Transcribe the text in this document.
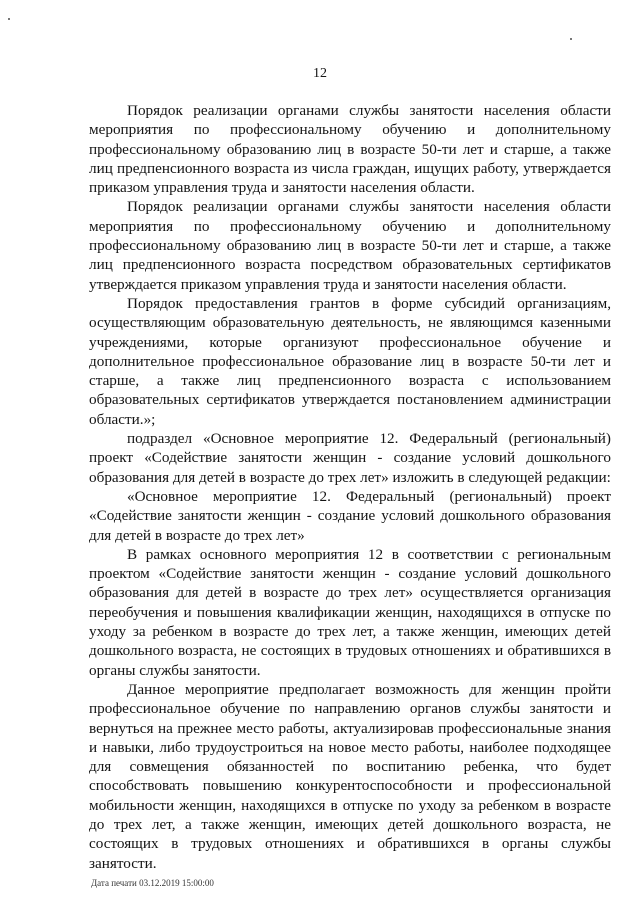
12

Порядок реализации органами службы занятости населения области мероприятия по профессиональному обучению и дополнительному профессиональному образованию лиц в возрасте 50-ти лет и старше, а также лиц предпенсионного возраста из числа граждан, ищущих работу, утверждается приказом управления труда и занятости населения области.

Порядок реализации органами службы занятости населения области мероприятия по профессиональному обучению и дополнительному профессиональному образованию лиц в возрасте 50-ти лет и старше, а также лиц предпенсионного возраста посредством образовательных сертификатов утверждается приказом управления труда и занятости населения области.

Порядок предоставления грантов в форме субсидий организациям, осуществляющим образовательную деятельность, не являющимся казенными учреждениями, которые организуют профессиональное обучение и дополнительное профессиональное образование лиц в возрасте 50-ти лет и старше, а также лиц предпенсионного возраста с использованием образовательных сертификатов утверждается постановлением администрации области.»;

подраздел «Основное мероприятие 12. Федеральный (региональный) проект «Содействие занятости женщин - создание условий дошкольного образования для детей в возрасте до трех лет» изложить в следующей редакции:

«Основное мероприятие 12. Федеральный (региональный) проект «Содействие занятости женщин - создание условий дошкольного образования для детей в возрасте до трех лет»

В рамках основного мероприятия 12 в соответствии с региональным проектом «Содействие занятости женщин - создание условий дошкольного образования для детей в возрасте до трех лет» осуществляется организация переобучения и повышения квалификации женщин, находящихся в отпуске по уходу за ребенком в возрасте до трех лет, а также женщин, имеющих детей дошкольного возраста, не состоящих в трудовых отношениях и обратившихся в органы службы занятости.

Данное мероприятие предполагает возможность для женщин пройти профессиональное обучение по направлению органов службы занятости и вернуться на прежнее место работы, актуализировав профессиональные знания и навыки, либо трудоустроиться на новое место работы, наиболее подходящее для совмещения обязанностей по воспитанию ребенка, что будет способствовать повышению конкурентоспособности и профессиональной мобильности женщин, находящихся в отпуске по уходу за ребенком в возрасте до трех лет, а также женщин, имеющих детей дошкольного возраста, не состоящих в трудовых отношениях и обратившихся в органы службы занятости.

Дата печати 03.12.2019 15:00:00
